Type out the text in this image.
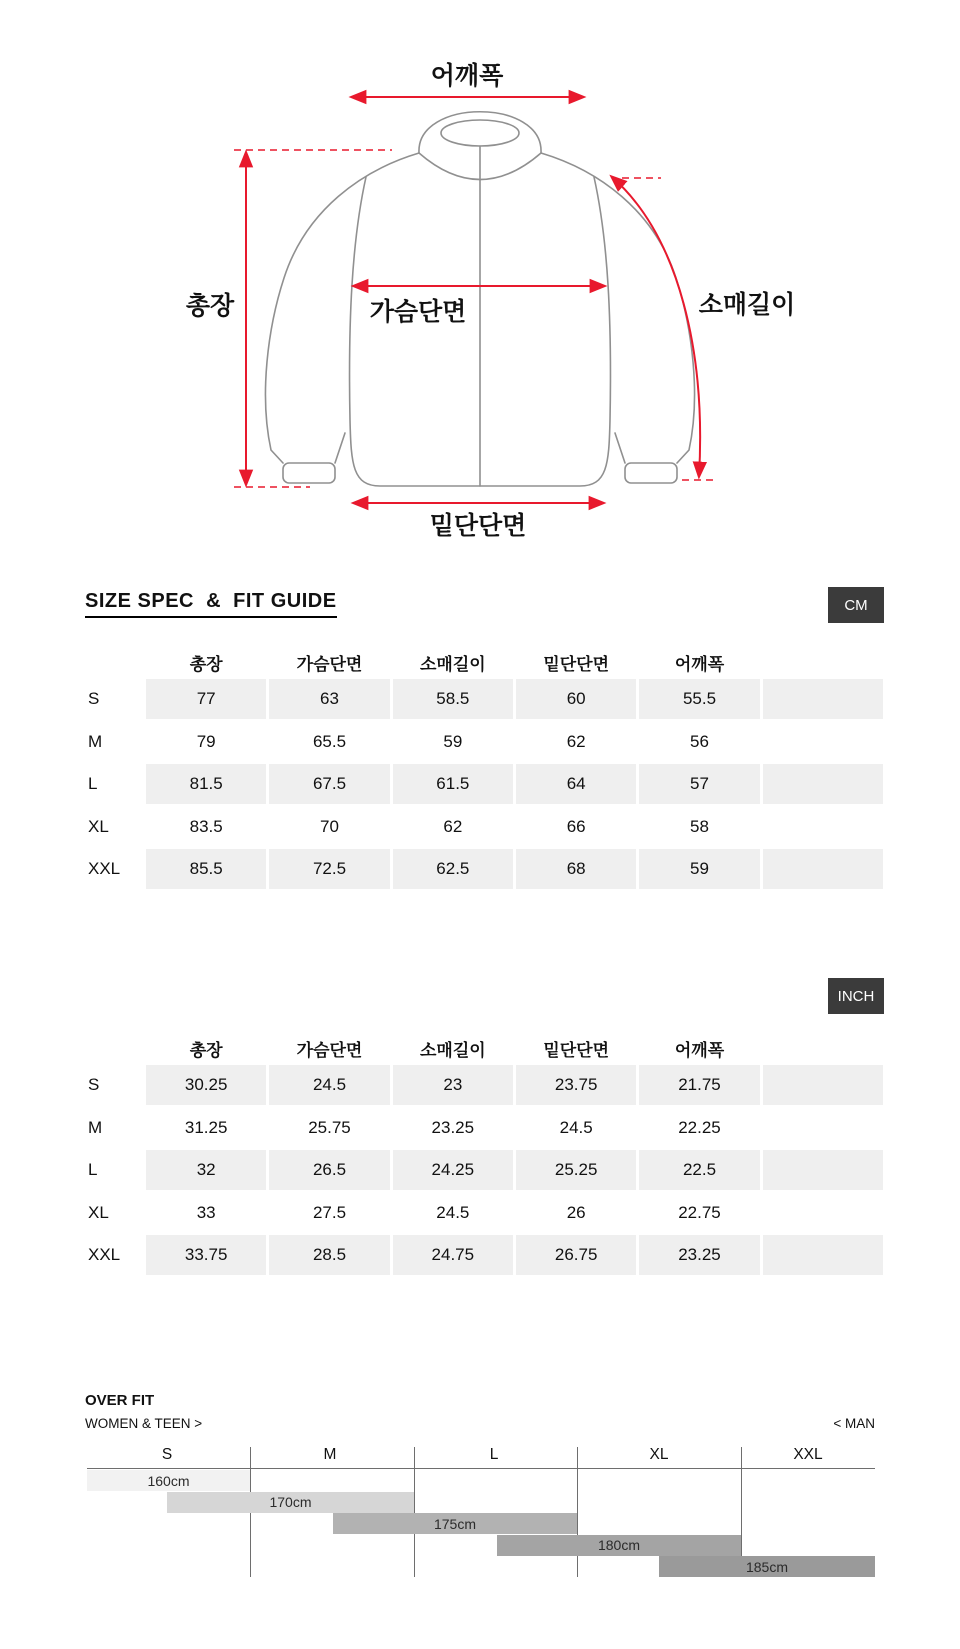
어깨폭
총장	가슴단면	소매길이
밑단단면
SIZE SPEC  &  FIT GUIDE	CM
총장	가슴단면	소매길이	밑단단면	어깨폭
S	77	63	58.5	60	55.5
M	79	65.5	59	62	56
L	81.5	67.5	61.5	64	57
XL	83.5	70	62	66	58
XXL	85.5	72.5	62.5	68	59
INCH
총장	가슴단면	소매길이	밑단단면	어깨폭
S	30.25	24.5	23	23.75	21.75
M	31.25	25.75	23.25	24.5	22.25
L	32	26.5	24.25	25.25	22.5
XL	33	27.5	24.5	26	22.75
XXL	33.75	28.5	24.75	26.75	23.25
OVER FIT
WOMEN & TEEN >	< MAN
S	M	L	XL	XXL
160cm
170cm
175cm
180cm
185cm
